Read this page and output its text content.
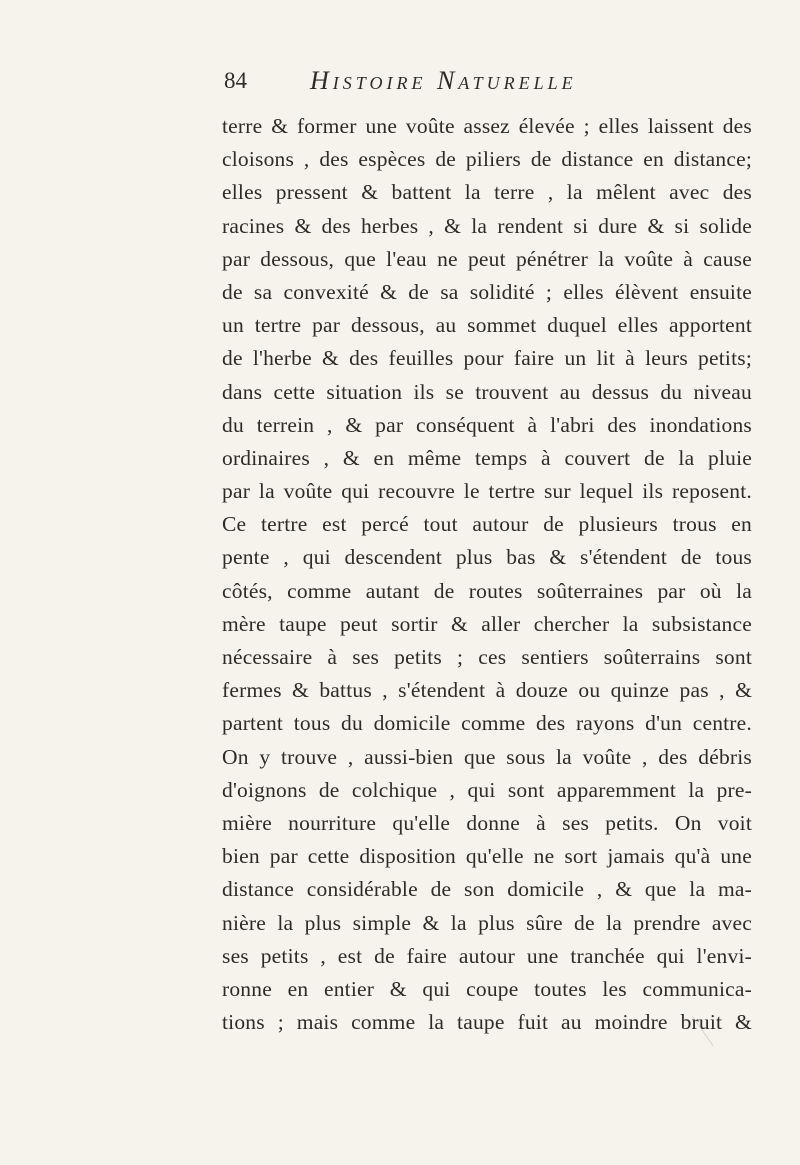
84 Histoire Naturelle
terre & former une voûte assez élevée ; elles laissent des
cloisons , des espèces de piliers de distance en distance;
elles pressent & battent la terre , la mêlent avec des
racines & des herbes , & la rendent si dure & si solide
par dessous, que l'eau ne peut pénétrer la voûte à cause
de sa convexité & de sa solidité ; elles élèvent ensuite
un tertre par dessous, au sommet duquel elles apportent
de l'herbe & des feuilles pour faire un lit à leurs petits;
dans cette situation ils se trouvent au dessus du niveau
du terrein , & par conséquent à l'abri des inondations
ordinaires , & en même temps à couvert de la pluie
par la voûte qui recouvre le tertre sur lequel ils reposent.
Ce tertre est percé tout autour de plusieurs trous en
pente , qui descendent plus bas & s'étendent de tous
côtés, comme autant de routes soûterraines par où la
mère taupe peut sortir & aller chercher la subsistance
nécessaire à ses petits ; ces sentiers soûterrains sont
fermes & battus , s'étendent à douze ou quinze pas , &
partent tous du domicile comme des rayons d'un centre.
On y trouve , aussi-bien que sous la voûte , des débris
d'oignons de colchique , qui sont apparemment la pre-
mière nourriture qu'elle donne à ses petits. On voit
bien par cette disposition qu'elle ne sort jamais qu'à une
distance considérable de son domicile , & que la ma-
nière la plus simple & la plus sûre de la prendre avec
ses petits , est de faire autour une tranchée qui l'envi-
ronne en entier & qui coupe toutes les communica-
tions ; mais comme la taupe fuit au moindre bruit &
